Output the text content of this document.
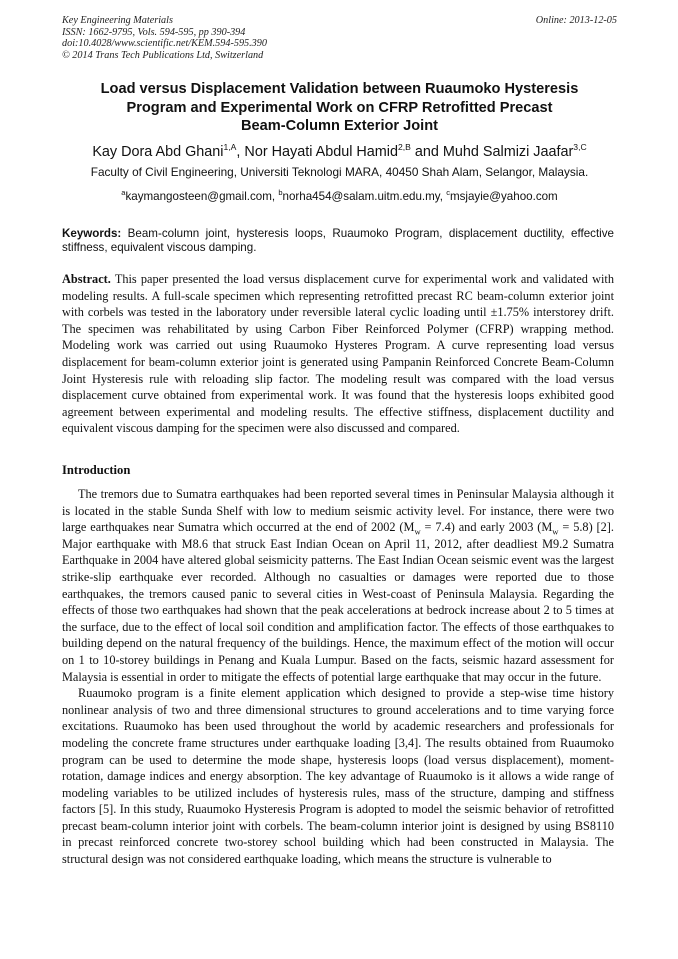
Key Engineering Materials
ISSN: 1662-9795, Vols. 594-595, pp 390-394
doi:10.4028/www.scientific.net/KEM.594-595.390
© 2014 Trans Tech Publications Ltd, Switzerland
Online: 2013-12-05
Load versus Displacement Validation between Ruaumoko Hysteresis
Program and Experimental Work on CFRP Retrofitted Precast
Beam-Column Exterior Joint
Kay Dora Abd Ghani$^{1,A}$, Nor Hayati Abdul Hamid$^{2,B}$ and Muhd Salmizi Jaafar$^{3,C}$
Faculty of Civil Engineering, Universiti Teknologi MARA, 40450 Shah Alam, Selangor, Malaysia.
$^a$kaymangosteen@gmail.com, $^b$norha454@salam.uitm.edu.my, $^c$msjayie@yahoo.com
Keywords: Beam-column joint, hysteresis loops, Ruaumoko Program, displacement ductility, effective stiffness, equivalent viscous damping.
Abstract. This paper presented the load versus displacement curve for experimental work and validated with modeling results. A full-scale specimen which representing retrofitted precast RC beam-column exterior joint with corbels was tested in the laboratory under reversible lateral cyclic loading until ±1.75% interstorey drift. The specimen was rehabilitated by using Carbon Fiber Reinforced Polymer (CFRP) wrapping method. Modeling work was carried out using Ruaumoko Hysteres Program. A curve representing load versus displacement for beam-column exterior joint is generated using Pampanin Reinforced Concrete Beam-Column Joint Hysteresis rule with reloading slip factor. The modeling result was compared with the load versus displacement curve obtained from experimental work. It was found that the hysteresis loops exhibited good agreement between experimental and modeling results. The effective stiffness, displacement ductility and equivalent viscous damping for the specimen were also discussed and compared.
Introduction

The tremors due to Sumatra earthquakes had been reported several times in Peninsular Malaysia although it is located in the stable Sunda Shelf with low to medium seismic activity level. For instance, there were two large earthquakes near Sumatra which occurred at the end of 2002 $(M_w = 7.4)$ and early 2003 $(M_w = 5.8)$ [2]. Major earthquake with M8.6 that struck East Indian Ocean on April 11, 2012, after deadliest M9.2 Sumatra Earthquake in 2004 have altered global seismicity patterns. The East Indian Ocean seismic event was the largest strike-slip earthquake ever recorded. Although no casualties or damages were reported due to those earthquakes, the tremors caused panic to several cities in West-coast of Peninsula Malaysia. Regarding the effects of those two earthquakes had shown that the peak accelerations at bedrock increase about 2 to 5 times at the surface, due to the effect of local soil condition and amplification factor. The effects of those earthquakes to building depend on the natural frequency of the buildings. Hence, the maximum effect of the motion will occur on 1 to 10-storey buildings in Penang and Kuala Lumpur. Based on the facts, seismic hazard assessment for Malaysia is essential in order to mitigate the effects of potential large earthquake that may occur in the future.

Ruaumoko program is a finite element application which designed to provide a step-wise time history nonlinear analysis of two and three dimensional structures to ground accelerations and to time varying force excitations. Ruaumoko has been used throughout the world by academic researchers and professionals for modeling the concrete frame structures under earthquake loading [3,4]. The results obtained from Ruaumoko program can be used to determine the mode shape, hysteresis loops (load versus displacement), moment-rotation, damage indices and energy absorption. The key advantage of Ruaumoko is it allows a wide range of modeling variables to be utilized includes of hysteresis rules, mass of the structure, damping and stiffness factors [5]. In this study, Ruaumoko Hysteresis Program is adopted to model the seismic behavior of retrofitted precast beam-column interior joint with corbels. The beam-column interior joint is designed by using BS8110 in precast reinforced concrete two-storey school building which had been constructed in Malaysia. The structural design was not considered earthquake loading, which means the structure is vulnerable to
